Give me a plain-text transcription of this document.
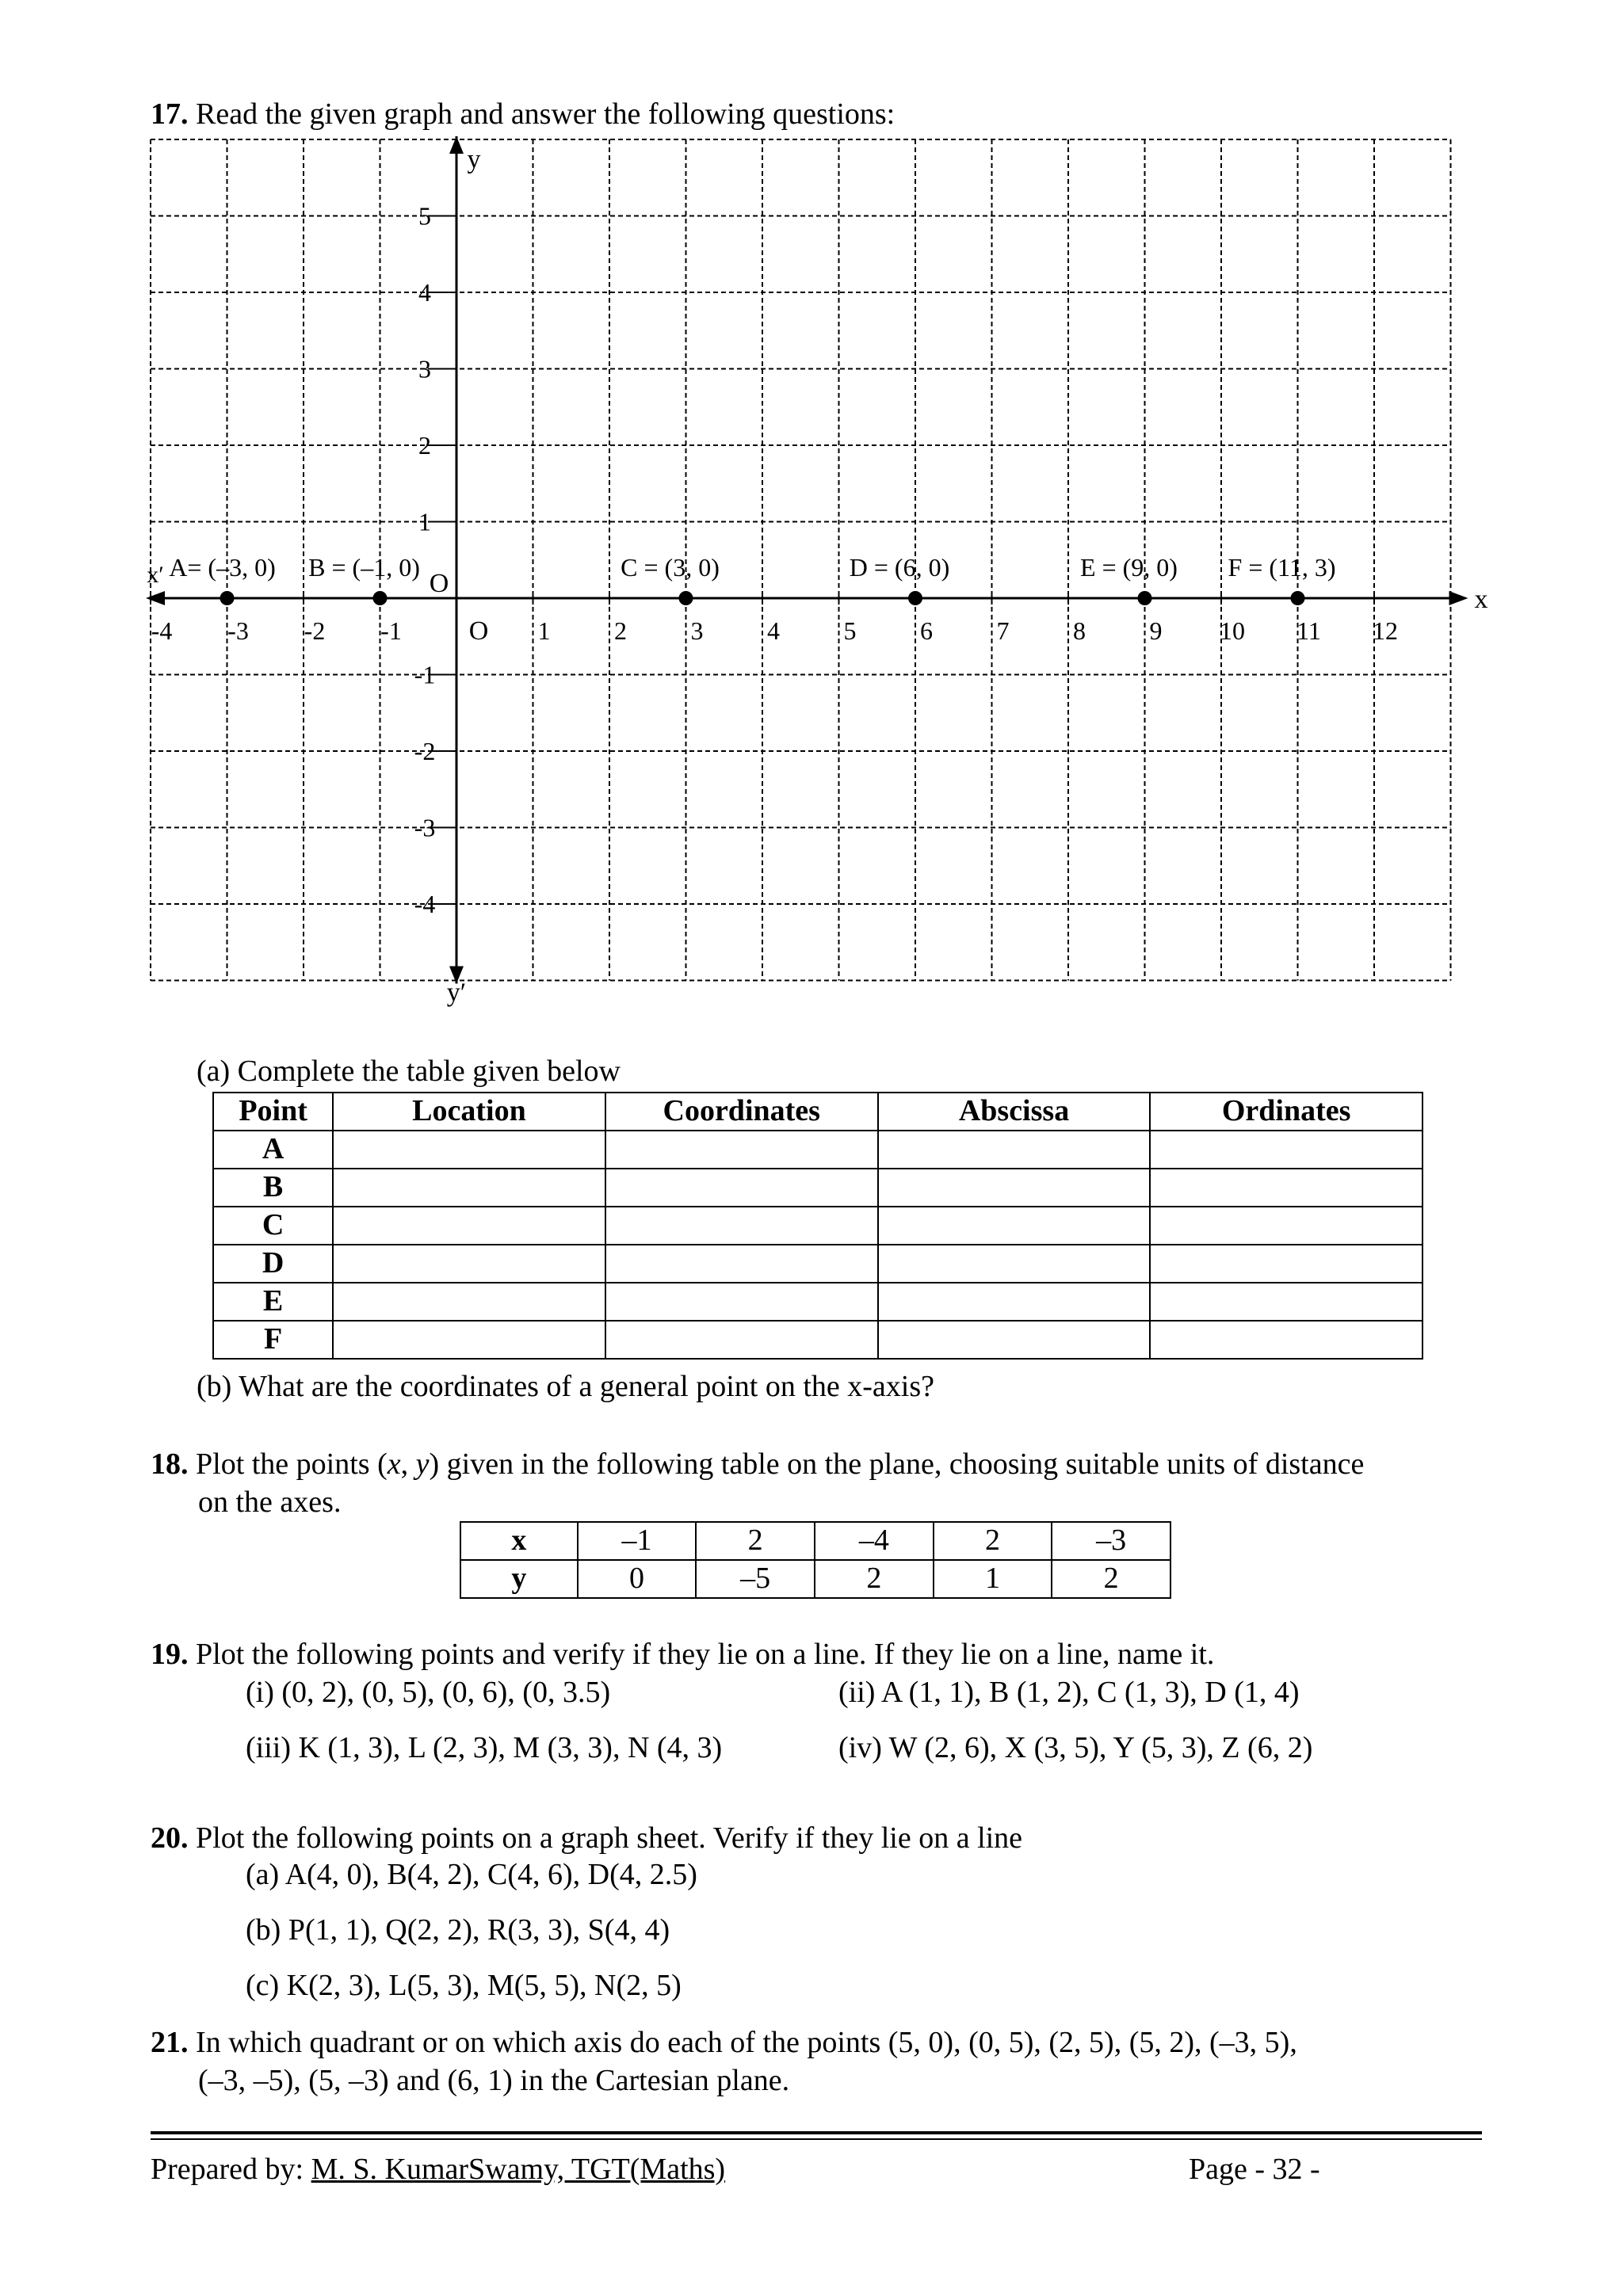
17. Read the given graph and answer the following questions:
x
x′
y
y′
O
O
-4 -3 -2 -1	1	2	3	4	5	6	7	8	9 10 11 12
5
4
3
2
1
-1
-2
-3
-4
A= (–3, 0) B = (–1, 0)	C = (3, 0)	D = (6, 0)	E = (9, 0) F = (11, 3)
(a) Complete the table given below
Point	Location	Coordinates	Abscissa	Ordinates
A				
B				
C				
D				
E				
F				
(b) What are the coordinates of a general point on the x-axis?
18. Plot the points (x, y) given in the following table on the plane, choosing suitable units of distance
on the axes.
x	–1	2	–4	2	–3
y	0	–5	2	1	2
19. Plot the following points and verify if they lie on a line. If they lie on a line, name it.
(i) (0, 2), (0, 5), (0, 6), (0, 3.5)	(ii) A (1, 1), B (1, 2), C (1, 3), D (1, 4)
(iii) K (1, 3), L (2, 3), M (3, 3), N (4, 3)	(iv) W (2, 6), X (3, 5), Y (5, 3), Z (6, 2)
20. Plot the following points on a graph sheet. Verify if they lie on a line
(a) A(4, 0), B(4, 2), C(4, 6), D(4, 2.5)
(b) P(1, 1), Q(2, 2), R(3, 3), S(4, 4)
(c) K(2, 3), L(5, 3), M(5, 5), N(2, 5)
21. In which quadrant or on which axis do each of the points (5, 0), (0, 5), (2, 5), (5, 2), (–3, 5),
(–3, –5), (5, –3) and (6, 1) in the Cartesian plane.
Prepared by: M. S. KumarSwamy, TGT(Maths)	Page - 32 -
